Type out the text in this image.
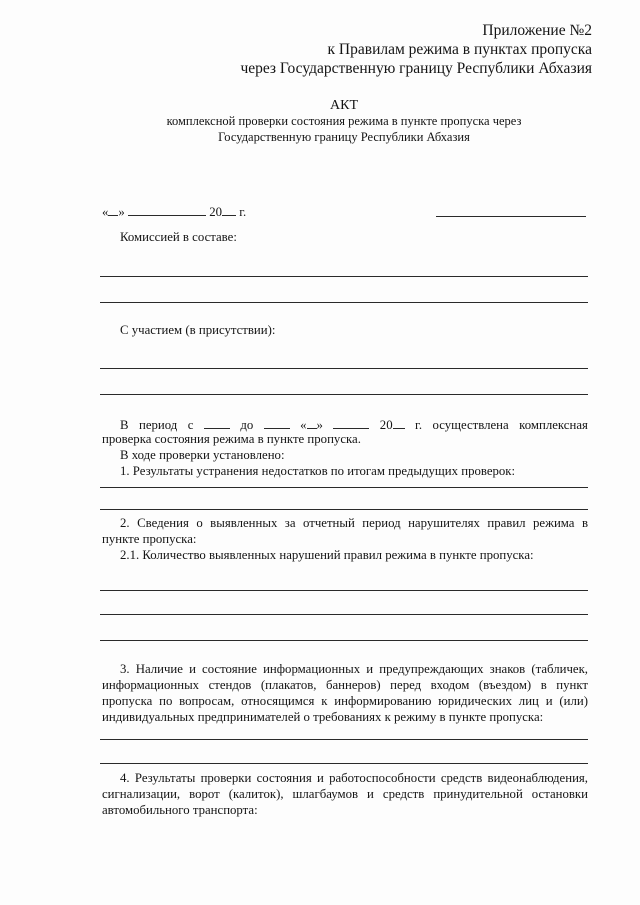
Приложение №2
к Правилам режима в пунктах пропуска
через Государственную границу Республики Абхазия
АКТ
комплексной проверки состояния режима в пункте пропуска через
Государственную границу Республики Абхазия
« »	20 г.
Комиссией в составе:
С участием (в присутствии):
В период с	до	« »	20	г. осуществлена комплексная
проверка состояния режима в пункте пропуска.
В ходе проверки установлено:
1. Результаты устранения недостатков по итогам предыдущих проверок:
2. Сведения о выявленных за отчетный период нарушителях правил режима в
пункте пропуска:
2.1. Количество выявленных нарушений правил режима в пункте пропуска:
3. Наличие и состояние информационных и предупреждающих знаков (табличек,
информационных стендов (плакатов, баннеров) перед входом (въездом) в пункт
пропуска по вопросам, относящимся к информированию юридических лиц и (или)
индивидуальных предпринимателей о требованиях к режиму в пункте пропуска:
4. Результаты проверки состояния и работоспособности средств видеонаблюдения,
сигнализации, ворот (калиток), шлагбаумов и средств принудительной остановки
автомобильного транспорта:
